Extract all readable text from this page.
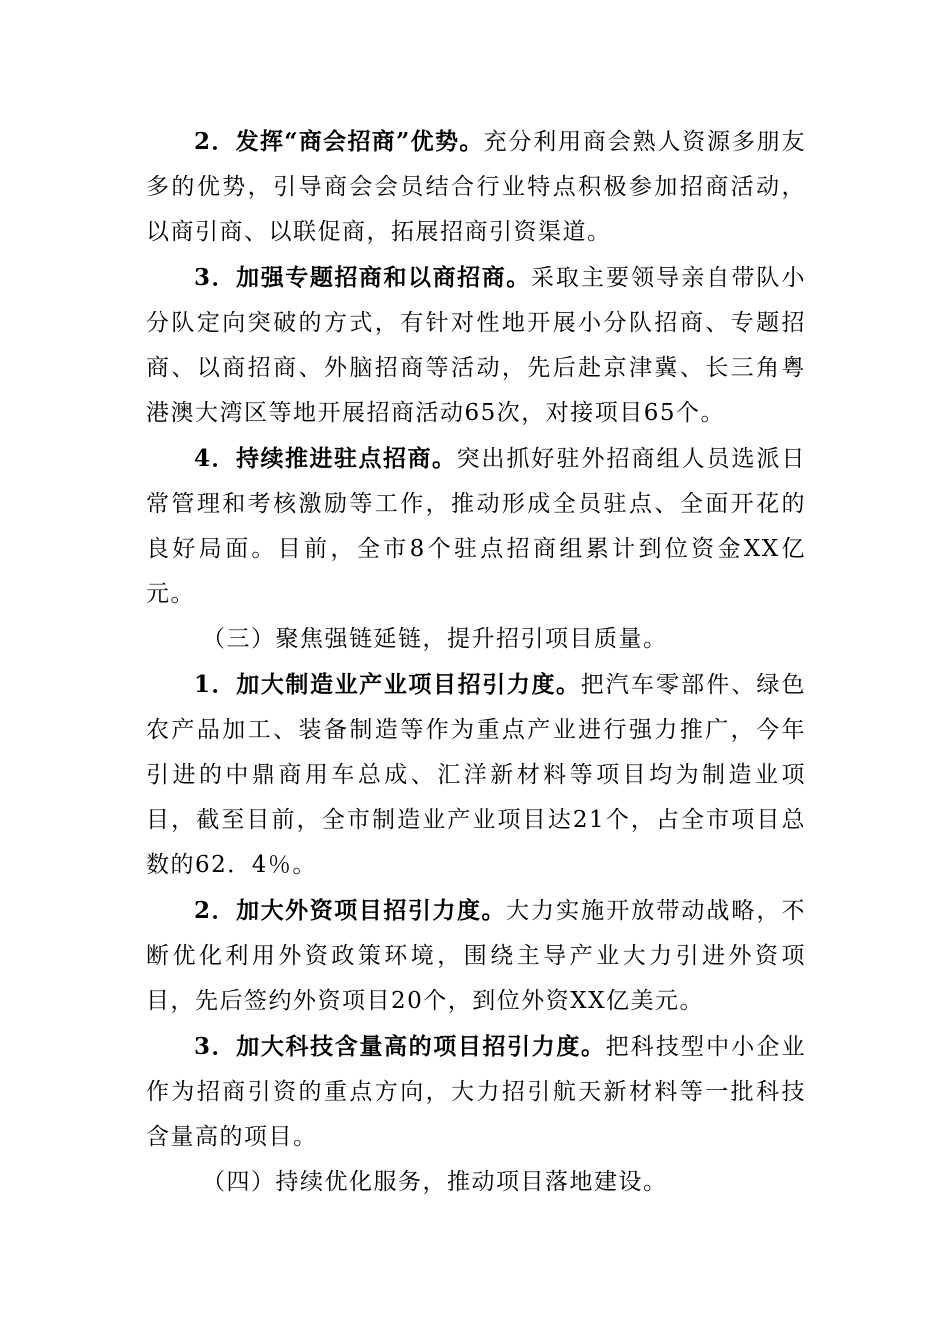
2．发挥“商会招商”优势。充分利用商会熟人资源多朋友多的优势，引导商会会员结合行业特点积极参加招商活动，以商引商、以联促商，拓展招商引资渠道。

3．加强专题招商和以商招商。采取主要领导亲自带队小分队定向突破的方式，有针对性地开展小分队招商、专题招商、以商招商、外脑招商等活动，先后赴京津冀、长三角粤港澳大湾区等地开展招商活动65次，对接项目65个。

4．持续推进驻点招商。突出抓好驻外招商组人员选派日常管理和考核激励等工作，推动形成全员驻点、全面开花的良好局面。目前，全市8个驻点招商组累计到位资金XX亿元。

（三）聚焦强链延链，提升招引项目质量。

1．加大制造业产业项目招引力度。把汽车零部件、绿色农产品加工、装备制造等作为重点产业进行强力推广，今年引进的中鼎商用车总成、汇洋新材料等项目均为制造业项目，截至目前，全市制造业产业项目达21个，占全市项目总数的62．4％。

2．加大外资项目招引力度。大力实施开放带动战略，不断优化利用外资政策环境，围绕主导产业大力引进外资项目，先后签约外资项目20个，到位外资XX亿美元。

3．加大科技含量高的项目招引力度。把科技型中小企业作为招商引资的重点方向，大力招引航天新材料等一批科技含量高的项目。

（四）持续优化服务，推动项目落地建设。
